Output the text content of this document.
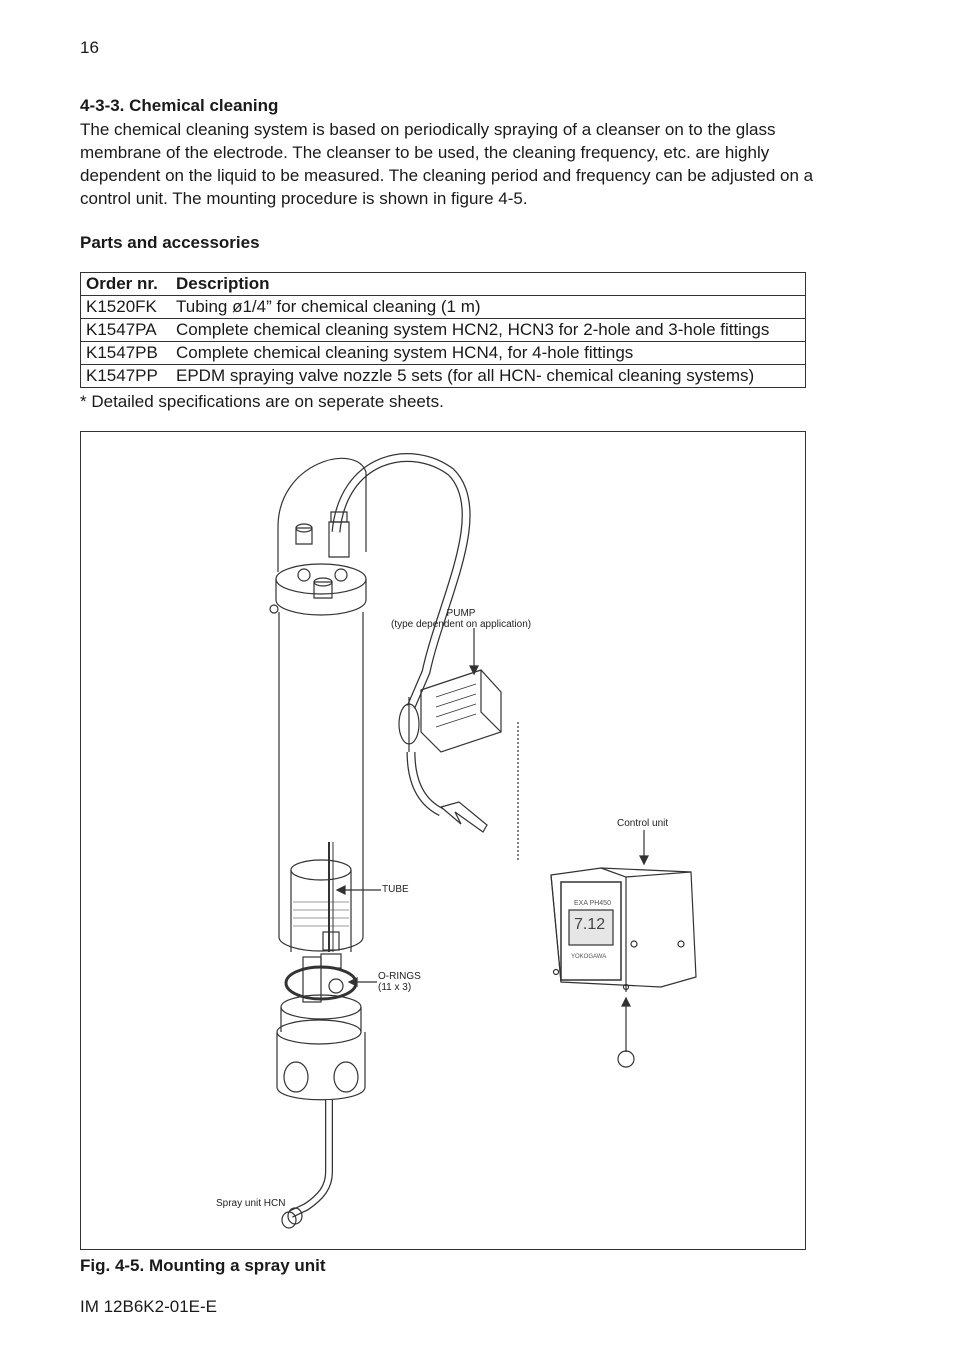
16
4-3-3. Chemical cleaning

The chemical cleaning system is based on periodically spraying of a cleanser on to the glass membrane of the electrode. The cleanser to be used, the cleaning frequency, etc. are highly dependent on the liquid to be measured. The cleaning period and frequency can be adjusted on a control unit. The mounting procedure is shown in figure 4-5.

Parts and accessories
Order nr.	Description
K1520FK	Tubing ø1/4” for chemical cleaning (1 m)
K1547PA	Complete chemical cleaning system HCN2, HCN3 for 2-hole and 3-hole fittings
K1547PB	Complete chemical cleaning system HCN4, for 4-hole fittings
K1547PP	EPDM spraying valve nozzle 5 sets (for all HCN- chemical cleaning systems)
* Detailed specifications are on seperate sheets.
PUMP
(type dependent on application)
Control unit
TUBE
O-RINGS
(11 x 3)
Spray unit HCN
EXA PH450
7.12
YOKOGAWA
Fig. 4-5. Mounting a spray unit
IM 12B6K2-01E-E
